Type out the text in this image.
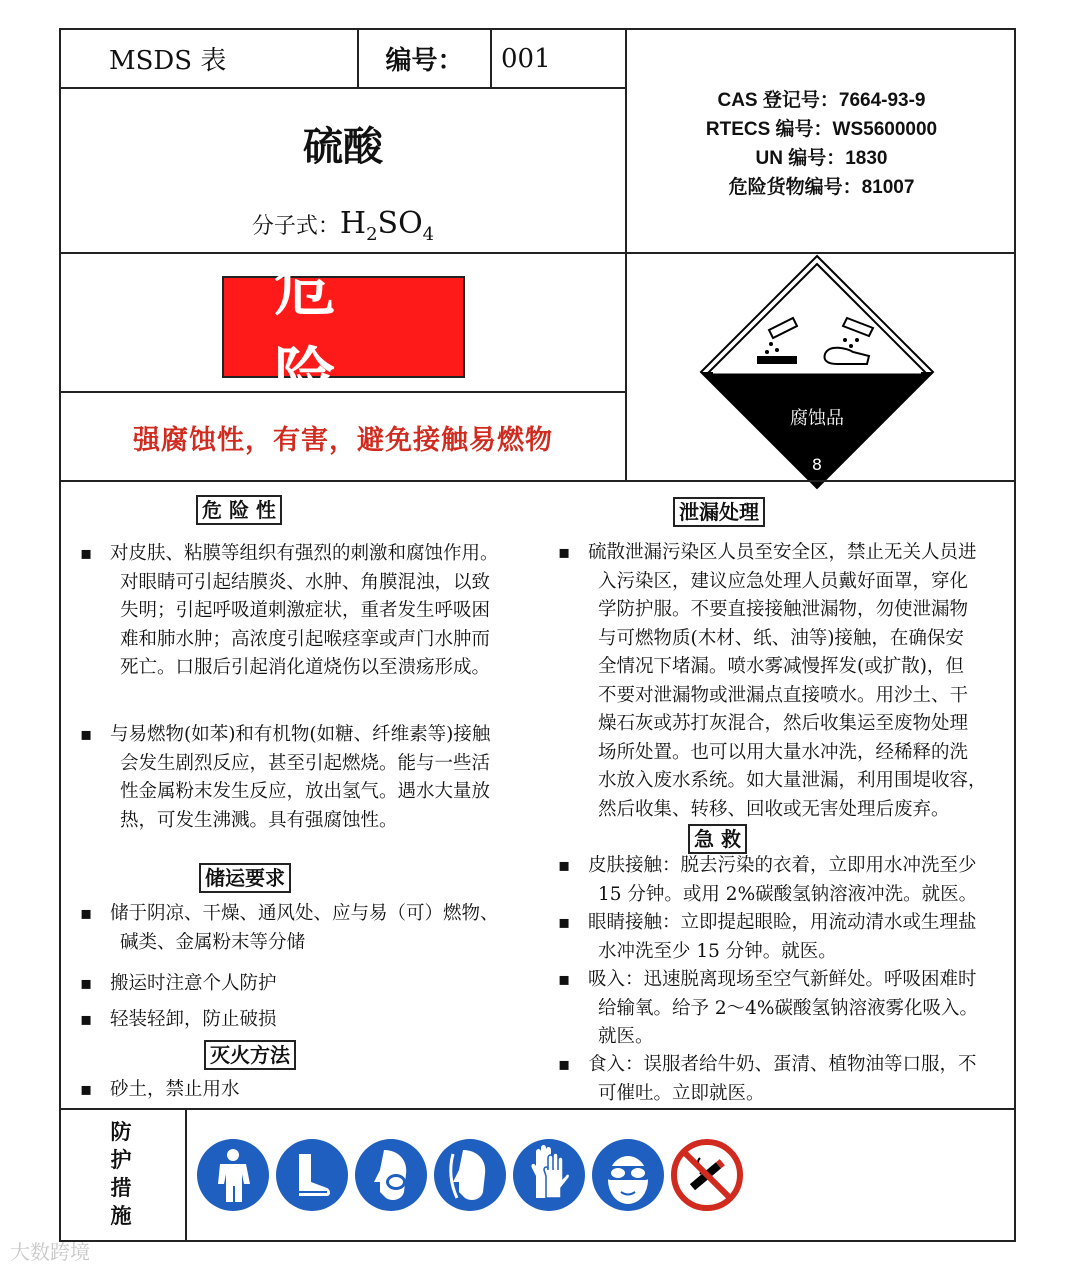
MSDS 表	编号： 001
硫酸
分子式：$H_2SO_4$
CAS 登记号：7664-93-9
RTECS 编号：WS5600000
UN 编号：1830
危险货物编号：81007
危险
强腐蚀性，有害，避免接触易燃物
腐蚀品
8
危 险 性
储运要求
灭火方法
泄漏处理
急 救
▪ 对皮肤、粘膜等组织有强烈的刺激和腐蚀作用。
对眼睛可引起结膜炎、水肿、角膜混浊，以致
失明；引起呼吸道刺激症状，重者发生呼吸困
难和肺水肿；高浓度引起喉痉挛或声门水肿而
死亡。口服后引起消化道烧伤以至溃疡形成。
▪ 与易燃物(如苯)和有机物(如糖、纤维素等)接触
会发生剧烈反应，甚至引起燃烧。能与一些活
性金属粉末发生反应，放出氢气。遇水大量放
热，可发生沸溅。具有强腐蚀性。
▪ 储于阴凉、干燥、通风处、应与易（可）燃物、
碱类、金属粉末等分储
▪ 搬运时注意个人防护
▪ 轻装轻卸，防止破损
▪ 砂土，禁止用水
▪ 硫散泄漏污染区人员至安全区，禁止无关人员进
入污染区，建议应急处理人员戴好面罩，穿化
学防护服。不要直接接触泄漏物，勿使泄漏物
与可燃物质(木材、纸、油等)接触，在确保安
全情况下堵漏。喷水雾减慢挥发(或扩散)，但
不要对泄漏物或泄漏点直接喷水。用沙土、干
燥石灰或苏打灰混合，然后收集运至废物处理
场所处置。也可以用大量水冲洗，经稀释的洗
水放入废水系统。如大量泄漏，利用围堤收容，
然后收集、转移、回收或无害处理后废弃。
▪ 皮肤接触：脱去污染的衣着，立即用水冲洗至少
15 分钟。或用 2%碳酸氢钠溶液冲洗。就医。
▪ 眼睛接触：立即提起眼睑，用流动清水或生理盐
水冲洗至少 15 分钟。就医。
▪ 吸入：迅速脱离现场至空气新鲜处。呼吸困难时
给输氧。给予 2～4%碳酸氢钠溶液雾化吸入。
就医。
▪ 食入：误服者给牛奶、蛋清、植物油等口服，不
可催吐。立即就医。
防
护
措
施
大数跨境
